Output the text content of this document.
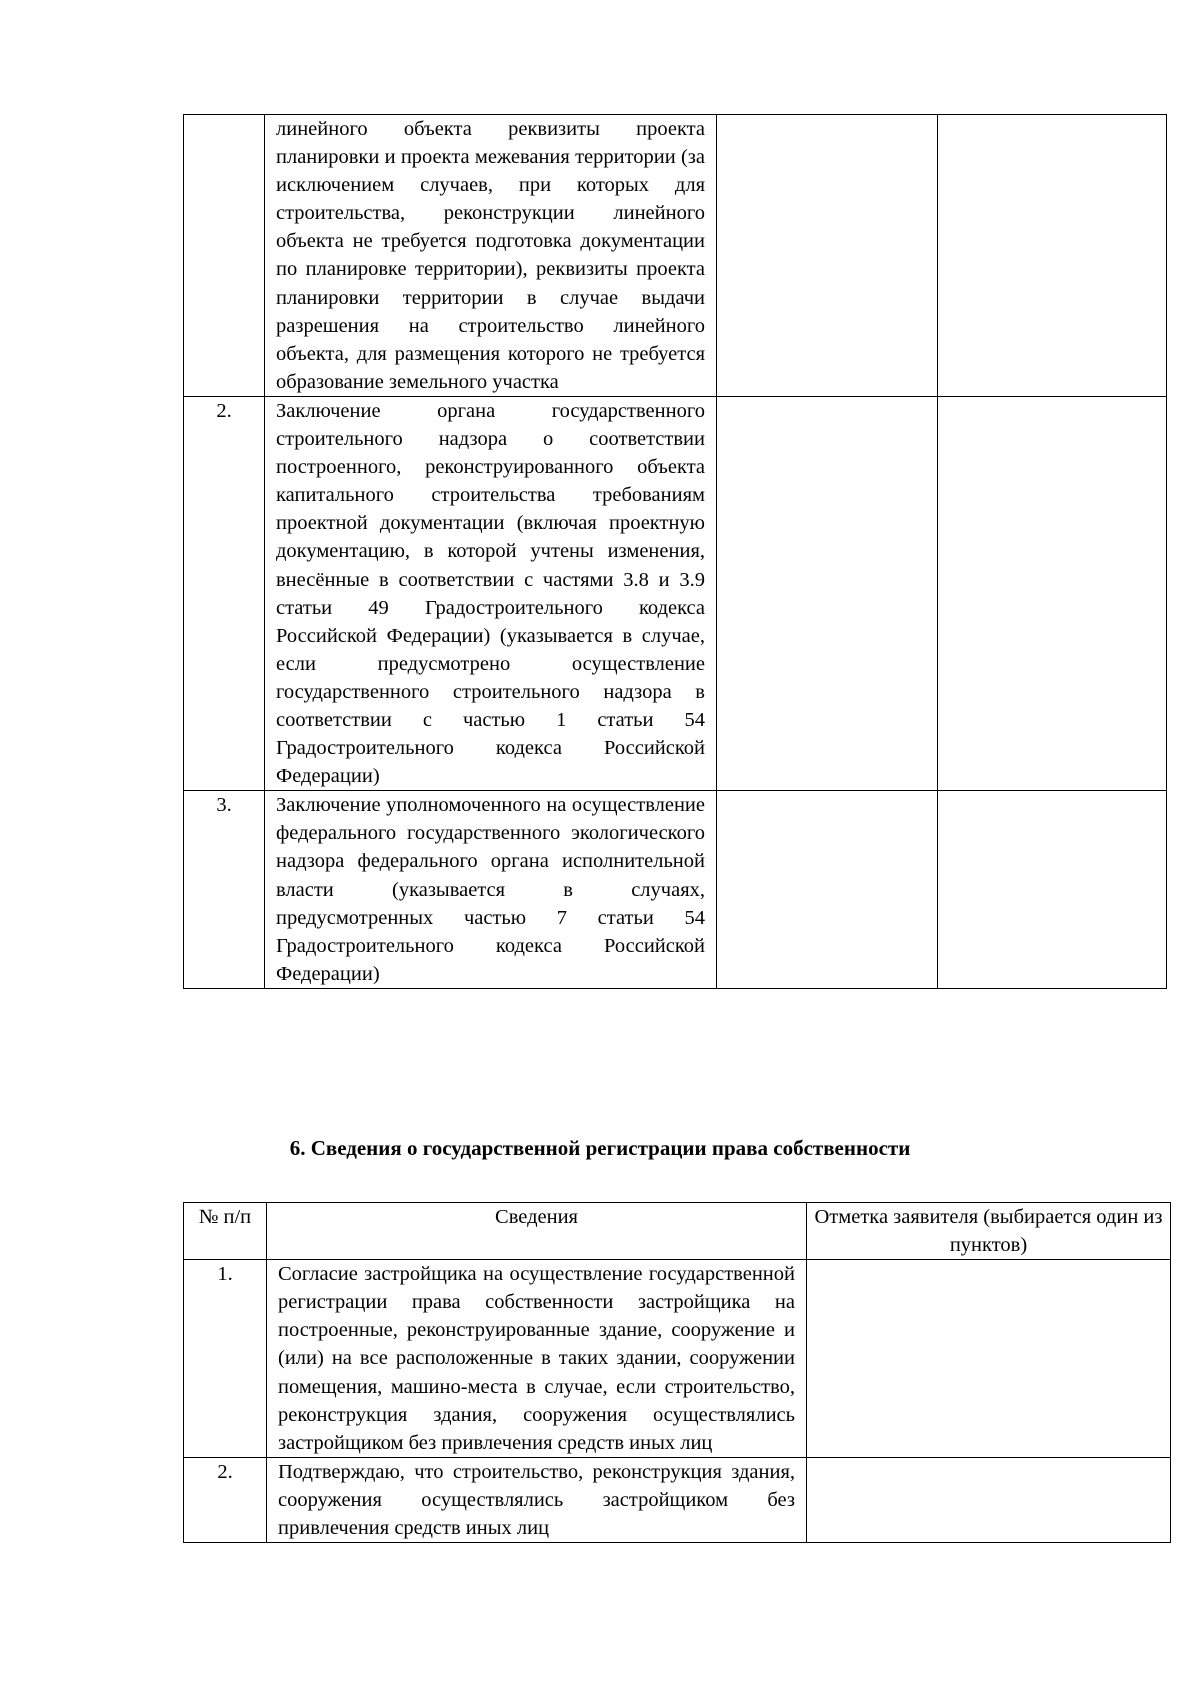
	линейного объекта реквизиты проекта планировки и проекта межевания территории (за исключением случаев, при которых для строительства, реконструкции линейного объекта не требуется подготовка документации по планировке территории), реквизиты проекта планировки территории в случае выдачи разрешения на строительство линейного объекта, для размещения которого не требуется образование земельного участка		
2.	Заключение органа государственного строительного надзора о соответствии построенного, реконструированного объекта капитального строительства требованиям проектной документации (включая проектную документацию, в которой учтены изменения, внесённые в соответствии с частями 3.8 и 3.9 статьи 49 Градостроительного кодекса Российской Федерации) (указывается в случае, если предусмотрено осуществление государственного строительного надзора в соответствии с частью 1 статьи 54 Градостроительного кодекса Российской Федерации)		
3.	Заключение уполномоченного на осуществление федерального государственного экологического надзора федерального органа исполнительной власти (указывается в случаях, предусмотренных частью 7 статьи 54 Градостроительного кодекса Российской Федерации)		
6. Сведения о государственной регистрации права собственности
№ п/п	Сведения	Отметка заявителя (выбирается один из пунктов)
1.	Согласие застройщика на осуществление государственной регистрации права собственности застройщика на построенные, реконструированные здание, сооружение и (или) на все расположенные в таких здании, сооружении помещения, машино-места в случае, если строительство, реконструкция здания, сооружения осуществлялись застройщиком без привлечения средств иных лиц	
2.	Подтверждаю, что строительство, реконструкция здания, сооружения осуществлялись застройщиком без привлечения средств иных лиц	
